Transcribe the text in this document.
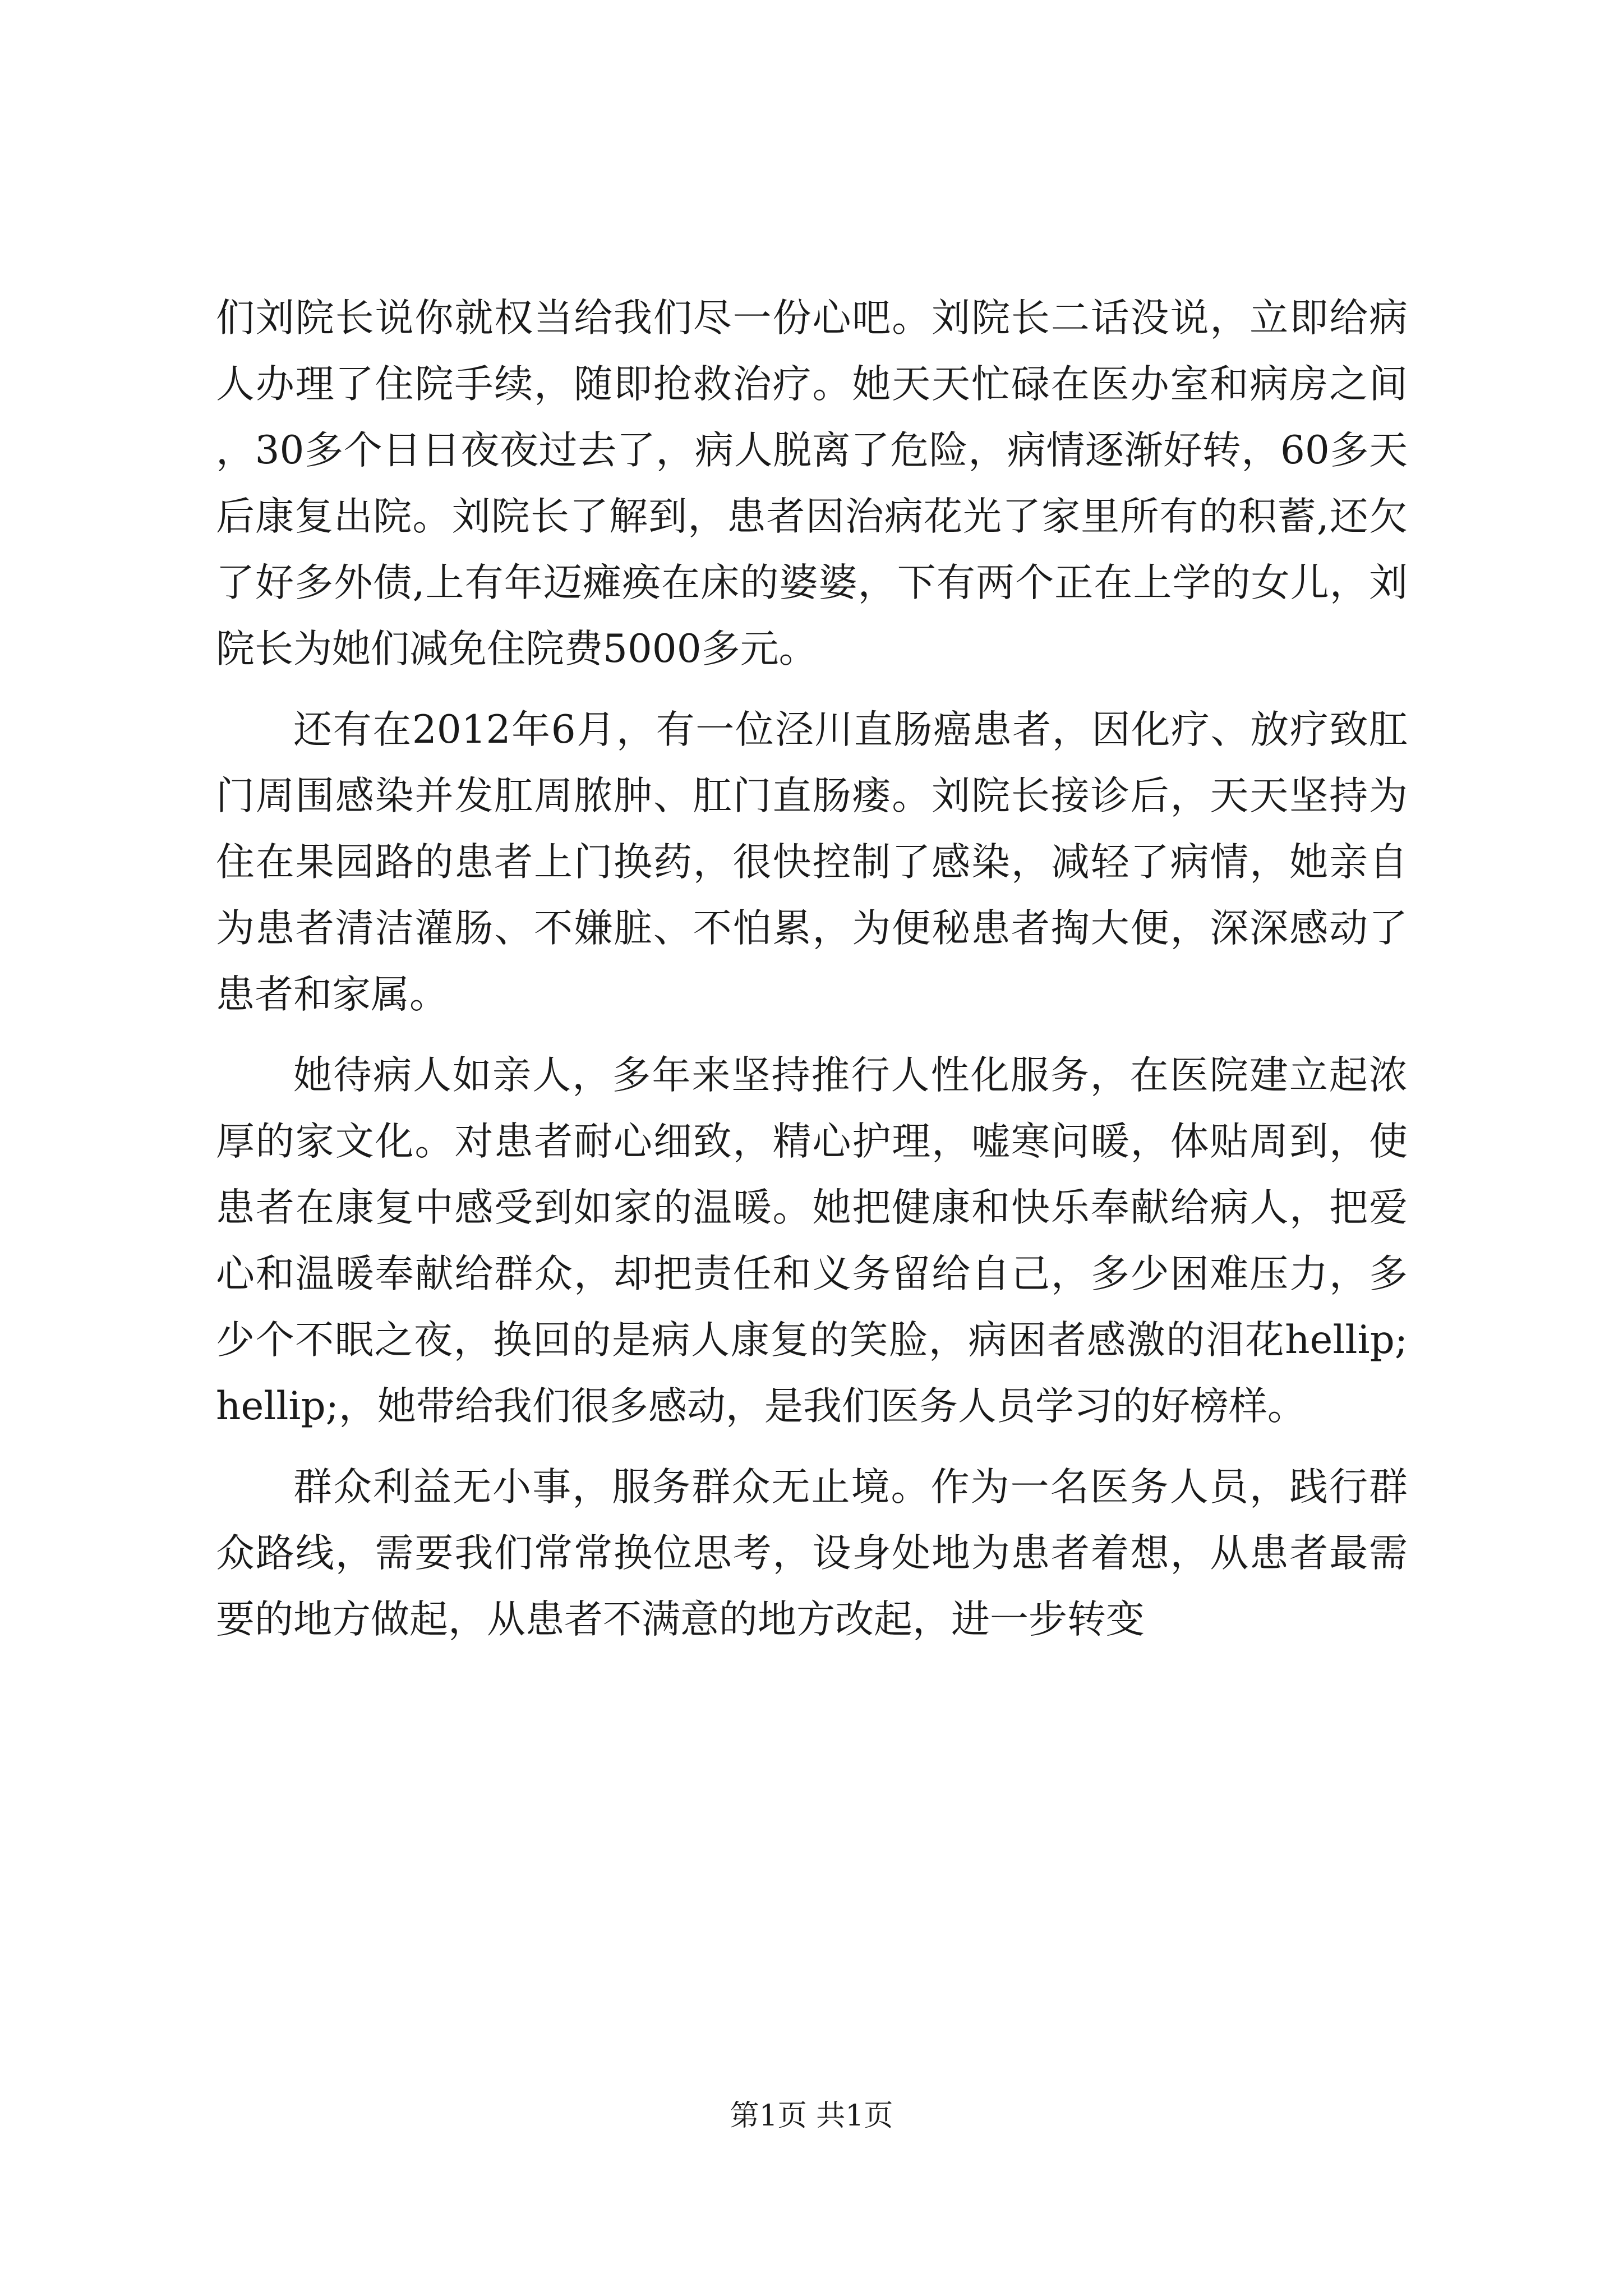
们刘院长说你就权当给我们尽一份心吧。刘院长二话没说，立即给病人办理了住院手续，随即抢救治疗。她天天忙碌在医办室和病房之间，30多个日日夜夜过去了，病人脱离了危险，病情逐渐好转，60多天后康复出院。刘院长了解到，患者因治病花光了家里所有的积蓄,还欠了好多外债,上有年迈瘫痪在床的婆婆，下有两个正在上学的女儿，刘院长为她们减免住院费5000多元。

还有在2012年6月，有一位泾川直肠癌患者，因化疗、放疗致肛门周围感染并发肛周脓肿、肛门直肠瘘。刘院长接诊后，天天坚持为住在果园路的患者上门换药，很快控制了感染，减轻了病情，她亲自为患者清洁灌肠、不嫌脏、不怕累，为便秘患者掏大便，深深感动了患者和家属。

她待病人如亲人，多年来坚持推行人性化服务，在医院建立起浓厚的家文化。对患者耐心细致，精心护理，嘘寒问暖，体贴周到，使患者在康复中感受到如家的温暖。她把健康和快乐奉献给病人，把爱心和温暖奉献给群众，却把责任和义务留给自己，多少困难压力，多少个不眠之夜，换回的是病人康复的笑脸，病困者感激的泪花hellip;hellip;，她带给我们很多感动，是我们医务人员学习的好榜样。

群众利益无小事，服务群众无止境。作为一名医务人员，践行群众路线，需要我们常常换位思考，设身处地为患者着想，从患者最需要的地方做起，从患者不满意的地方改起，进一步转变

第1页 共1页
